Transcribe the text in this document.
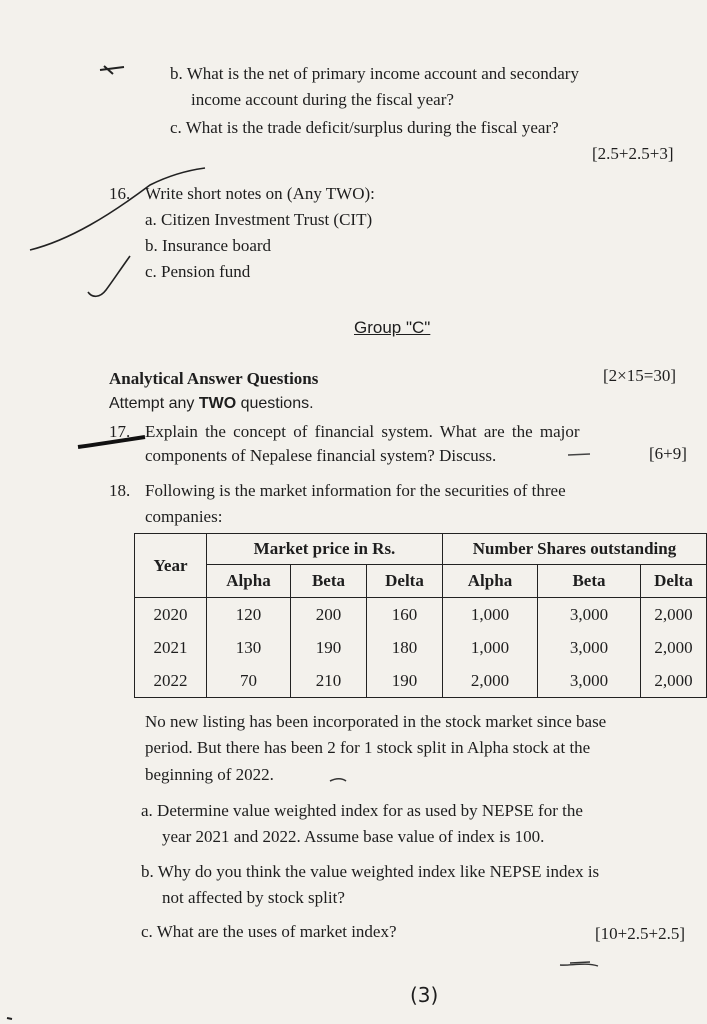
b. What is the net of primary income account and secondary
income account during the fiscal year?
c. What is the trade deficit/surplus during the fiscal year?
[2.5+2.5+3]
16. Write short notes on (Any TWO):
a. Citizen Investment Trust (CIT)
b. Insurance board
c. Pension fund
Group "C"
Analytical Answer Questions	[2×15=30]
Attempt any TWO questions.
17. Explain the concept of financial system. What are the major
components of Nepalese financial system? Discuss.	[6+9]
18. Following is the market information for the securities of three
companies:
Year	Market price in Rs.			Number Shares outstanding		
	Alpha	Beta	Delta	Alpha	Beta	Delta
2020	120	200	160	1,000	3,000	2,000
2021	130	190	180	1,000	3,000	2,000
2022	70	210	190	2,000	3,000	2,000
No new listing has been incorporated in the stock market since base
period. But there has been 2 for 1 stock split in Alpha stock at the
beginning of 2022.
a. Determine value weighted index for as used by NEPSE for the
year 2021 and 2022. Assume base value of index is 100.
b. Why do you think the value weighted index like NEPSE index is
not affected by stock split?
c. What are the uses of market index?	[10+2.5+2.5]
(3)
